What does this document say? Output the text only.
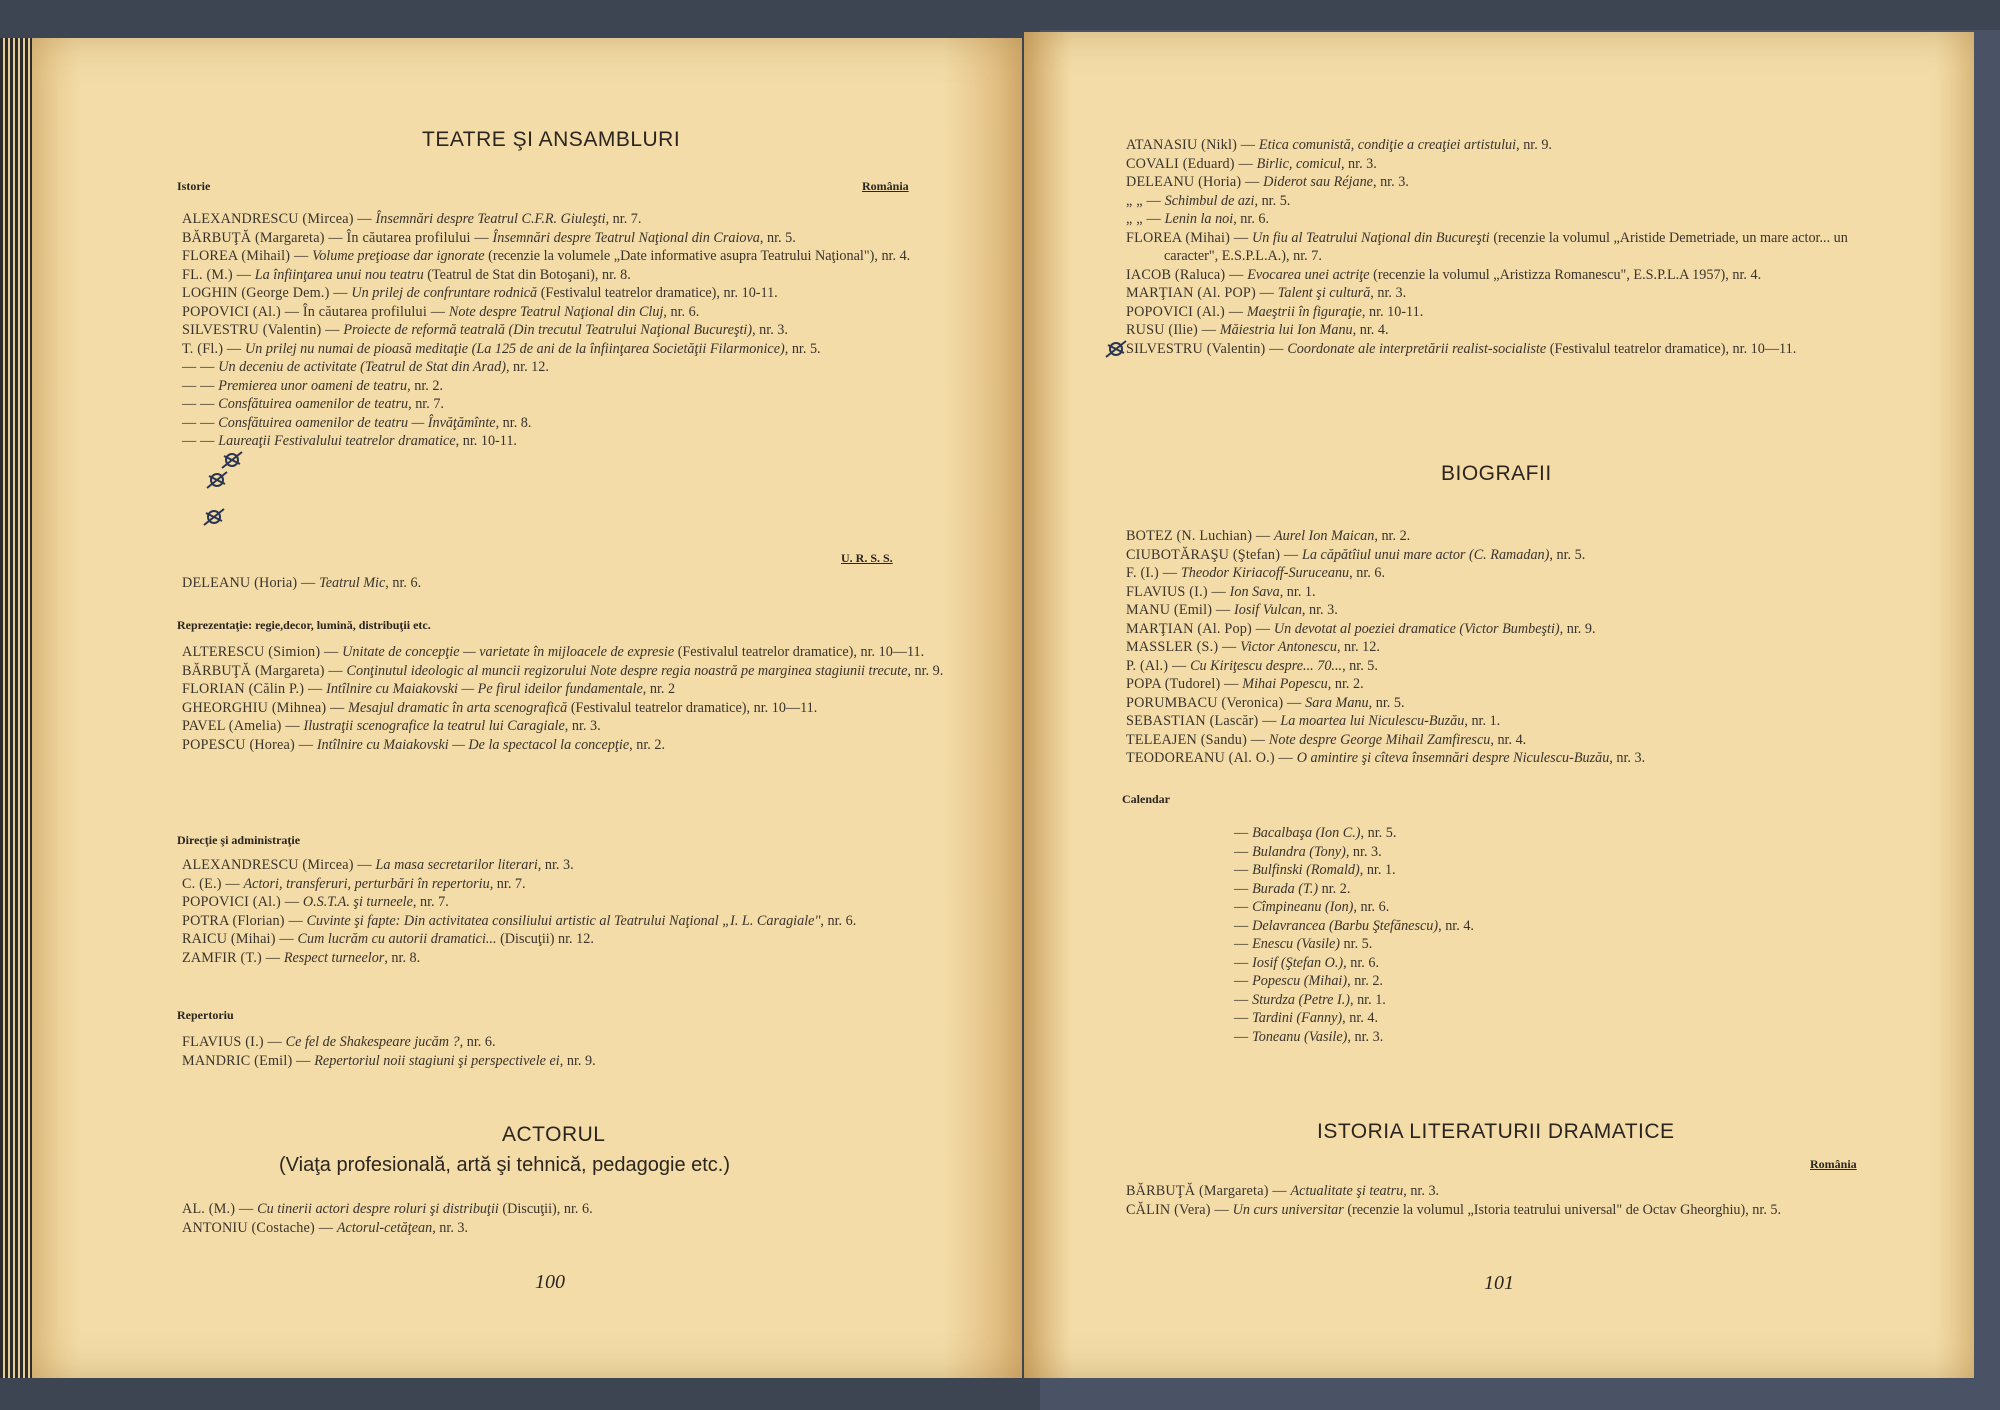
TEATRE ŞI ANSAMBLURI
Istorie	România
ALEXANDRESCU (Mircea) — Însemnări despre Teatrul C.F.R. Giuleşti, nr. 7.
BĂRBUŢĂ (Margareta) — În căutarea profilului — Însemnări despre Teatrul Naţional din Craiova, nr. 5.
FLOREA (Mihail) — Volume preţioase dar ignorate (recenzie la volumele „Date informative asupra Teatrului Naţional"), nr. 4.
FL. (M.) — La înfiinţarea unui nou teatru (Teatrul de Stat din Botoşani), nr. 8.
LOGHIN (George Dem.) — Un prilej de confruntare rodnică (Festivalul teatrelor dramatice), nr. 10-11.
POPOVICI (Al.) — În căutarea profilului — Note despre Teatrul Naţional din Cluj, nr. 6.
SILVESTRU (Valentin) — Proiecte de reformă teatrală (Din trecutul Teatrului Naţional Bucureşti), nr. 3.
T. (Fl.) — Un prilej nu numai de pioasă meditaţie (La 125 de ani de la înfiinţarea Societăţii Filarmonice), nr. 5.
— — Un deceniu de activitate (Teatrul de Stat din Arad), nr. 12.
— — Premierea unor oameni de teatru, nr. 2.
— — Consfătuirea oamenilor de teatru, nr. 7.
— — Consfătuirea oamenilor de teatru — Învăţămînte, nr. 8.
— — Laureaţii Festivalului teatrelor dramatice, nr. 10-11.
U. R. S. S.
DELEANU (Horia) — Teatrul Mic, nr. 6.
Reprezentaţie: regie,decor, lumină, distribuţii etc.
ALTERESCU (Simion) — Unitate de concepţie — varietate în mijloacele de expresie (Festivalul teatrelor dramatice), nr. 10—11.
BĂRBUŢĂ (Margareta) — Conţinutul ideologic al muncii regizorului Note despre regia noastră pe marginea stagiunii trecute, nr. 9.
FLORIAN (Călin P.) — Intîlnire cu Maiakovski — Pe firul ideilor fundamentale, nr. 2
GHEORGHIU (Mihnea) — Mesajul dramatic în arta scenografică (Festivalul teatrelor dramatice), nr. 10—11.
PAVEL (Amelia) — Ilustraţii scenografice la teatrul lui Caragiale, nr. 3.
POPESCU (Horea) — Intîlnire cu Maiakovski — De la spectacol la concepţie, nr. 2.
Direcţie şi administraţie
ALEXANDRESCU (Mircea) — La masa secretarilor literari, nr. 3.
C. (E.) — Actori, transferuri, perturbări în repertoriu, nr. 7.
POPOVICI (Al.) — O.S.T.A. şi turneele, nr. 7.
POTRA (Florian) — Cuvinte şi fapte: Din activitatea consiliului artistic al Teatrului Naţional „I. L. Caragiale", nr. 6.
RAICU (Mihai) — Cum lucrăm cu autorii dramatici... (Discuţii) nr. 12.
ZAMFIR (T.) — Respect turneelor, nr. 8.
Repertoriu
FLAVIUS (I.) — Ce fel de Shakespeare jucăm ?, nr. 6.
MANDRIC (Emil) — Repertoriul noii stagiuni şi perspectivele ei, nr. 9.
ACTORUL
(Viaţa profesională, artă şi tehnică, pedagogie etc.)
AL. (M.) — Cu tinerii actori despre roluri şi distribuţii (Discuţii), nr. 6.
ANTONIU (Costache) — Actorul-cetăţean, nr. 3.
100
ATANASIU (Nikl) — Etica comunistă, condiţie a creaţiei artistului, nr. 9.
COVALI (Eduard) — Birlic, comicul, nr. 3.
DELEANU (Horia) — Diderot sau Réjane, nr. 3.
„ „ — Schimbul de azi, nr. 5.
„ „ — Lenin la noi, nr. 6.
FLOREA (Mihai) — Un fiu al Teatrului Naţional din Bucureşti (recenzie la volumul „Aristide Demetriade, un mare actor... un caracter", E.S.P.L.A.), nr. 7.
IACOB (Raluca) — Evocarea unei actriţe (recenzie la volumul „Aristizza Romanescu", E.S.P.L.A 1957), nr. 4.
MARŢIAN (Al. POP) — Talent şi cultură, nr. 3.
POPOVICI (Al.) — Maeştrii în figuraţie, nr. 10-11.
RUSU (Ilie) — Măiestria lui Ion Manu, nr. 4.
SILVESTRU (Valentin) — Coordonate ale interpretării realist-socialiste (Festivalul teatrelor dramatice), nr. 10—11.
BIOGRAFII
BOTEZ (N. Luchian) — Aurel Ion Maican, nr. 2.
CIUBOTĂRAŞU (Ştefan) — La căpătîiul unui mare actor (C. Ramadan), nr. 5.
F. (I.) — Theodor Kiriacoff-Suruceanu, nr. 6.
FLAVIUS (I.) — Ion Sava, nr. 1.
MANU (Emil) — Iosif Vulcan, nr. 3.
MARŢIAN (Al. Pop) — Un devotat al poeziei dramatice (Victor Bumbeşti), nr. 9.
MASSLER (S.) — Victor Antonescu, nr. 12.
P. (Al.) — Cu Kiriţescu despre... 70..., nr. 5.
POPA (Tudorel) — Mihai Popescu, nr. 2.
PORUMBACU (Veronica) — Sara Manu, nr. 5.
SEBASTIAN (Lascăr) — La moartea lui Niculescu-Buzău, nr. 1.
TELEAJEN (Sandu) — Note despre George Mihail Zamfirescu, nr. 4.
TEODOREANU (Al. O.) — O amintire şi cîteva însemnări despre Niculescu-Buzău, nr. 3.
Calendar
— Bacalbaşa (Ion C.), nr. 5.
— Bulandra (Tony), nr. 3.
— Bulfinski (Romald), nr. 1.
— Burada (T.) nr. 2.
— Cîmpineanu (Ion), nr. 6.
— Delavrancea (Barbu Ştefănescu), nr. 4.
— Enescu (Vasile) nr. 5.
— Iosif (Ştefan O.), nr. 6.
— Popescu (Mihai), nr. 2.
— Sturdza (Petre I.), nr. 1.
— Tardini (Fanny), nr. 4.
— Toneanu (Vasile), nr. 3.
ISTORIA LITERATURII DRAMATICE
România
BĂRBUŢĂ (Margareta) — Actualitate şi teatru, nr. 3.
CĂLIN (Vera) — Un curs universitar (recenzie la volumul „Istoria teatrului universal" de Octav Gheorghiu), nr. 5.
101
